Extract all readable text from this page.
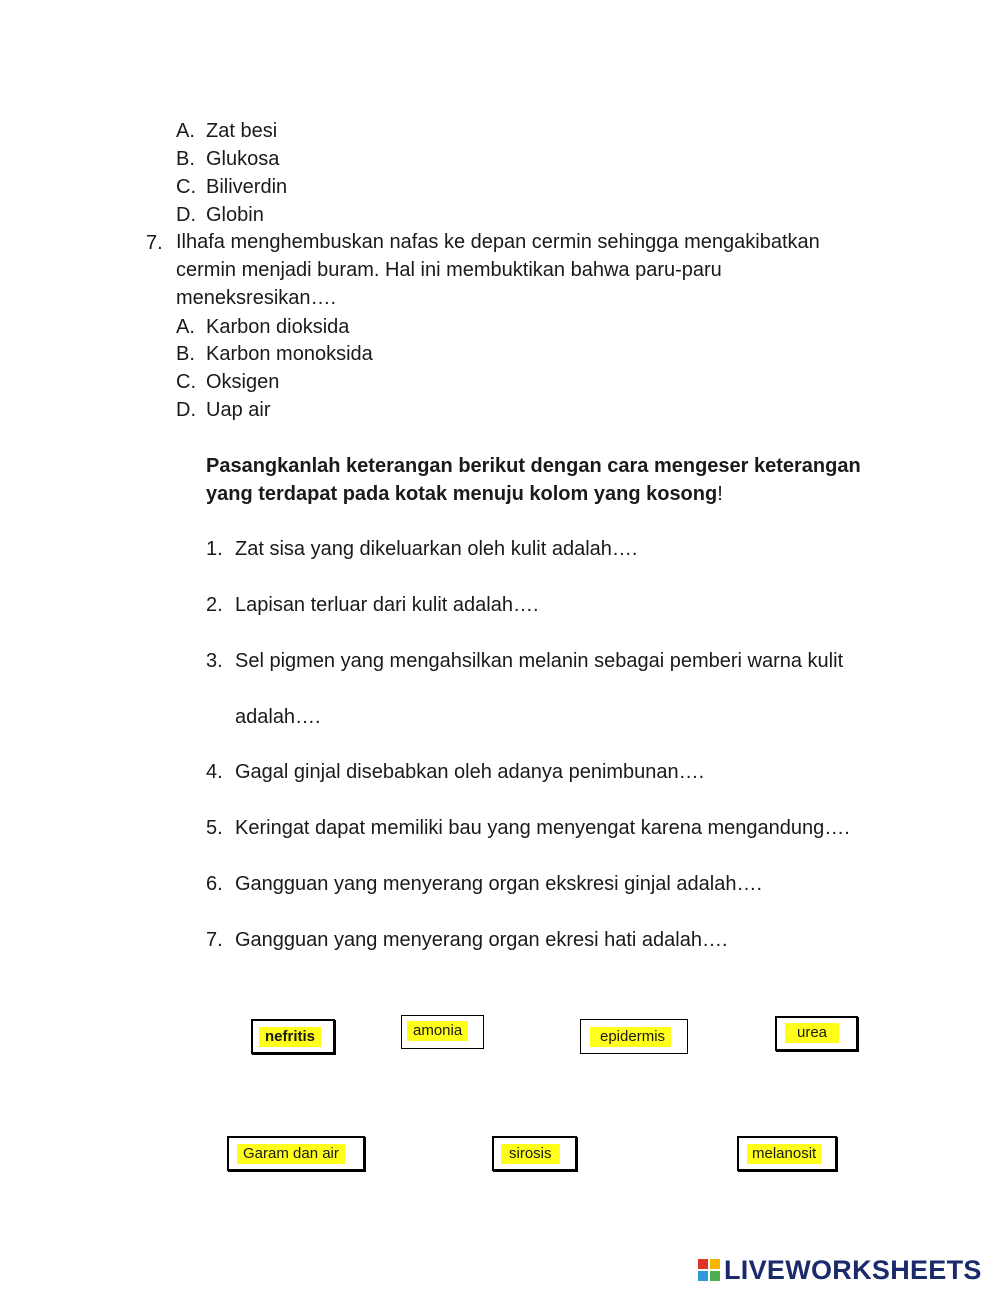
A. Zat besi
B. Glukosa
C. Biliverdin
D. Globin
7. Ilhafa menghembuskan nafas ke depan cermin sehingga mengakibatkan
cermin menjadi buram. Hal ini membuktikan bahwa paru-paru
meneksresikan….
A. Karbon dioksida
B. Karbon monoksida
C. Oksigen
D. Uap air
Pasangkanlah keterangan berikut dengan cara mengeser keterangan
yang terdapat pada kotak menuju kolom yang kosong!
1. Zat sisa yang dikeluarkan oleh kulit adalah….
2. Lapisan terluar dari kulit adalah….
3. Sel pigmen yang mengahsilkan melanin sebagai pemberi warna kulit
adalah….
4. Gagal ginjal disebabkan oleh adanya penimbunan….
5. Keringat dapat memiliki bau yang menyengat karena mengandung….
6. Gangguan yang menyerang organ ekskresi ginjal adalah….
7. Gangguan yang menyerang organ ekresi hati adalah….
nefritis	amonia	epidermis	urea
Garam dan air	sirosis	melanosit
LIVEWORKSHEETS
